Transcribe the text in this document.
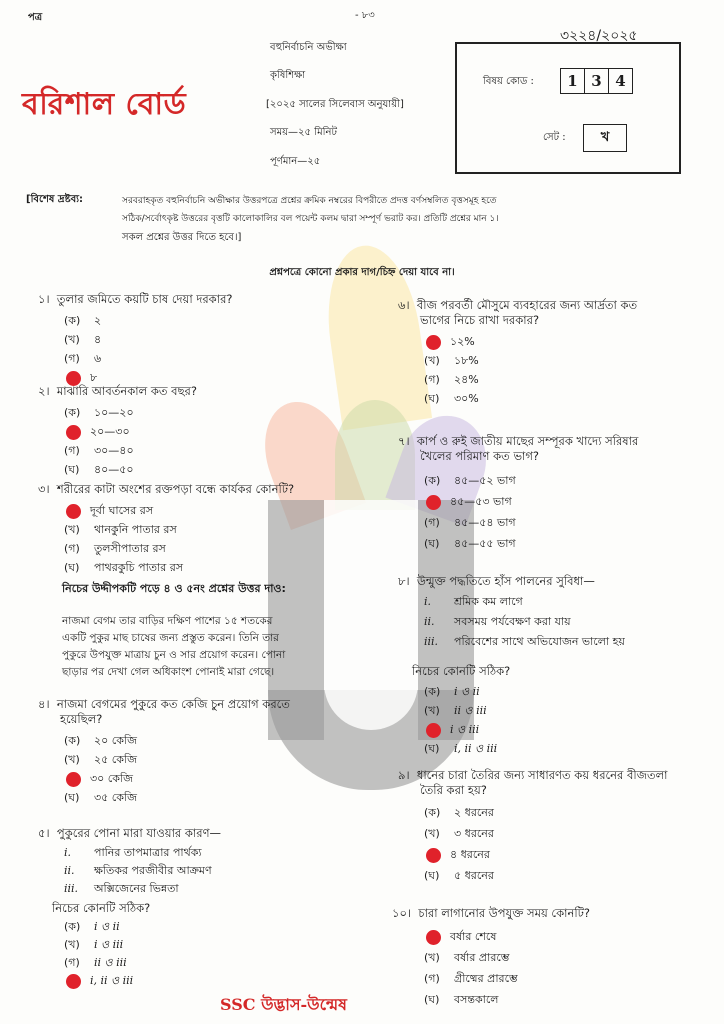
পত্র	- ৮৩
৩২২৪/২০২৫
বহুনির্বাচনি অভীক্ষা
কৃষিশিক্ষা
[২০২৫ সালের সিলেবাস অনুযায়ী]
সময়—২৫ মিনিট
পূর্ণমান—২৫
বরিশাল বোর্ড
বিষয় কোড :	1 3 4
সেট :	খ
[বিশেষ দ্রষ্টব্য:	সরবরাহকৃত বহুনির্বাচনি অভীক্ষার উত্তরপত্রে প্রশ্নের ক্রমিক নম্বরের বিপরীতে প্রদত্ত বর্ণসম্বলিত বৃত্তসমূহ হতে
সঠিক/সর্বোৎকৃষ্ট উত্তরের বৃত্তটি কালোকালির বল পয়েন্ট কলম দ্বারা সম্পূর্ণ ভরাট কর। প্রতিটি প্রশ্নের মান ১।
সকল প্রশ্নের উত্তর দিতে হবে।]
প্রশ্নপত্রে কোনো প্রকার দাগ/চিহ্ন দেয়া যাবে না।
১। তুলার জমিতে কয়টি চাষ দেয়া দরকার?
(ক) ২
(খ) ৪
(গ) ৬
৮
২। মাঝারি আবর্তনকাল কত বছর?
(ক) ১০—২০
২০—৩০
(গ) ৩০—৪০
(ঘ) ৪০—৫০
৩। শরীরের কাটা অংশের রক্তপড়া বন্ধে কার্যকর কোনটি?
দূর্বা ঘাসের রস
(খ) থানকুনি পাতার রস
(গ) তুলসীপাতার রস
(ঘ) পাথরকুচি পাতার রস
নিচের উদ্দীপকটি পড়ে ৪ ও ৫নং প্রশ্নের উত্তর দাও:
নাজমা বেগম তার বাড়ির দক্ষিণ পাশের ১৫ শতকের
একটি পুকুর মাছ চাষের জন্য প্রস্তুত করেন। তিনি তার
পুকুরে উপযুক্ত মাত্রায় চুন ও সার প্রয়োগ করেন। পোনা
ছাড়ার পর দেখা গেল অধিকাংশ পোনাই মারা গেছে।
৪। নাজমা বেগমের পুকুরে কত কেজি চুন প্রয়োগ করতে
হয়েছিল?
(ক) ২০ কেজি
(খ) ২৫ কেজি
৩০ কেজি
(ঘ) ৩৫ কেজি
৫। পুকুরের পোনা মারা যাওয়ার কারণ—
i. পানির তাপমাত্রার পার্থক্য
ii. ক্ষতিকর পরজীবীর আক্রমণ
iii. অক্সিজেনের ভিন্নতা
নিচের কোনটি সঠিক?
(ক) i ও ii
(খ) i ও iii
(গ) ii ও iii
i, ii ও iii
৬। বীজ পরবর্তী মৌসুমে ব্যবহারের জন্য আর্দ্রতা কত
ভাগের নিচে রাখা দরকার?
১২%
(খ) ১৮%
(গ) ২৪%
(ঘ) ৩০%
৭। কার্প ও রুই জাতীয় মাছের সম্পূরক খাদ্যে সরিষার
খৈলের পরিমাণ কত ভাগ?
(ক) ৪৫—৫২ ভাগ
৪৫—৫৩ ভাগ
(গ) ৪৫—৫৪ ভাগ
(ঘ) ৪৫—৫৫ ভাগ
৮। উন্মুক্ত পদ্ধতিতে হাঁস পালনের সুবিধা—
i. শ্রমিক কম লাগে
ii. সবসময় পর্যবেক্ষণ করা যায়
iii. পরিবেশের সাথে অভিযোজন ভালো হয়
নিচের কোনটি সঠিক?
(ক) i ও ii
(খ) ii ও iii
i ও iii
(ঘ) i, ii ও iii
৯। ধানের চারা তৈরির জন্য সাধারণত কয় ধরনের বীজতলা
তৈরি করা হয়?
(ক) ২ ধরনের
(খ) ৩ ধরনের
৪ ধরনের
(ঘ) ৫ ধরনের
১০। চারা লাগানোর উপযুক্ত সময় কোনটি?
বর্ষার শেষে
(খ) বর্ষার প্রারম্ভে
(গ) গ্রীষ্মের প্রারম্ভে
(ঘ) বসন্তকালে
SSC উদ্ভাস-উন্মেষ
